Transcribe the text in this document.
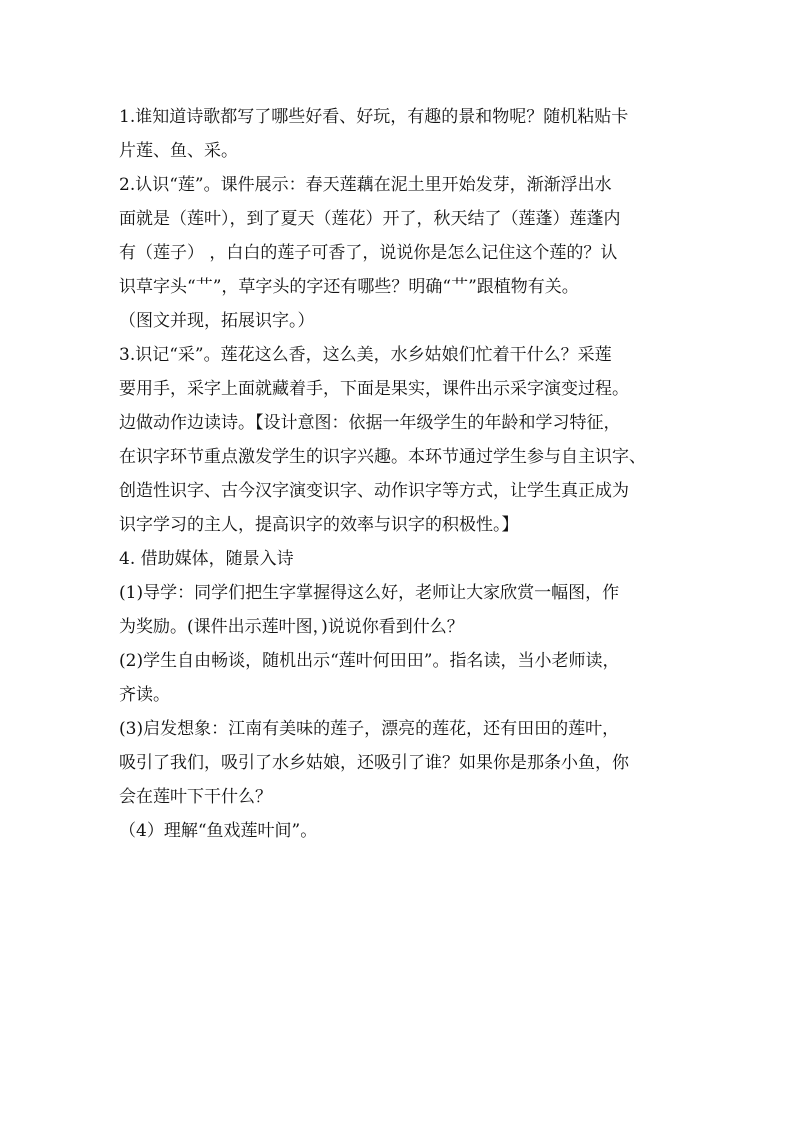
1.谁知道诗歌都写了哪些好看、好玩，有趣的景和物呢？随机粘贴卡
片莲、鱼、采。
2.认识“莲”。课件展示：春天莲藕在泥土里开始发芽，渐渐浮出水
面就是（莲叶），到了夏天（莲花）开了，秋天结了（莲蓬）莲蓬内
有（莲子） ，白白的莲子可香了，说说你是怎么记住这个莲的？认
识草字头“艹”，草字头的字还有哪些？明确“艹”跟植物有关。
（图文并现，拓展识字。）
3.识记“采”。莲花这么香，这么美，水乡姑娘们忙着干什么？采莲
要用手，采字上面就藏着手，下面是果实，课件出示采字演变过程。
边做动作边读诗。【设计意图：依据一年级学生的年龄和学习特征，
在识字环节重点激发学生的识字兴趣。本环节通过学生参与自主识字、
创造性识字、古今汉字演变识字、动作识字等方式，让学生真正成为
识字学习的主人，提高识字的效率与识字的积极性。】
4. 借助媒体，随景入诗
(1)导学：同学们把生字掌握得这么好，老师让大家欣赏一幅图，作
为奖励。(课件出示莲叶图，)说说你看到什么？
(2)学生自由畅谈，随机出示“莲叶何田田”。指名读，当小老师读，
齐读。
(3)启发想象：江南有美味的莲子，漂亮的莲花，还有田田的莲叶，
吸引了我们，吸引了水乡姑娘，还吸引了谁？如果你是那条小鱼，你
会在莲叶下干什么？
（4）理解“鱼戏莲叶间”。
